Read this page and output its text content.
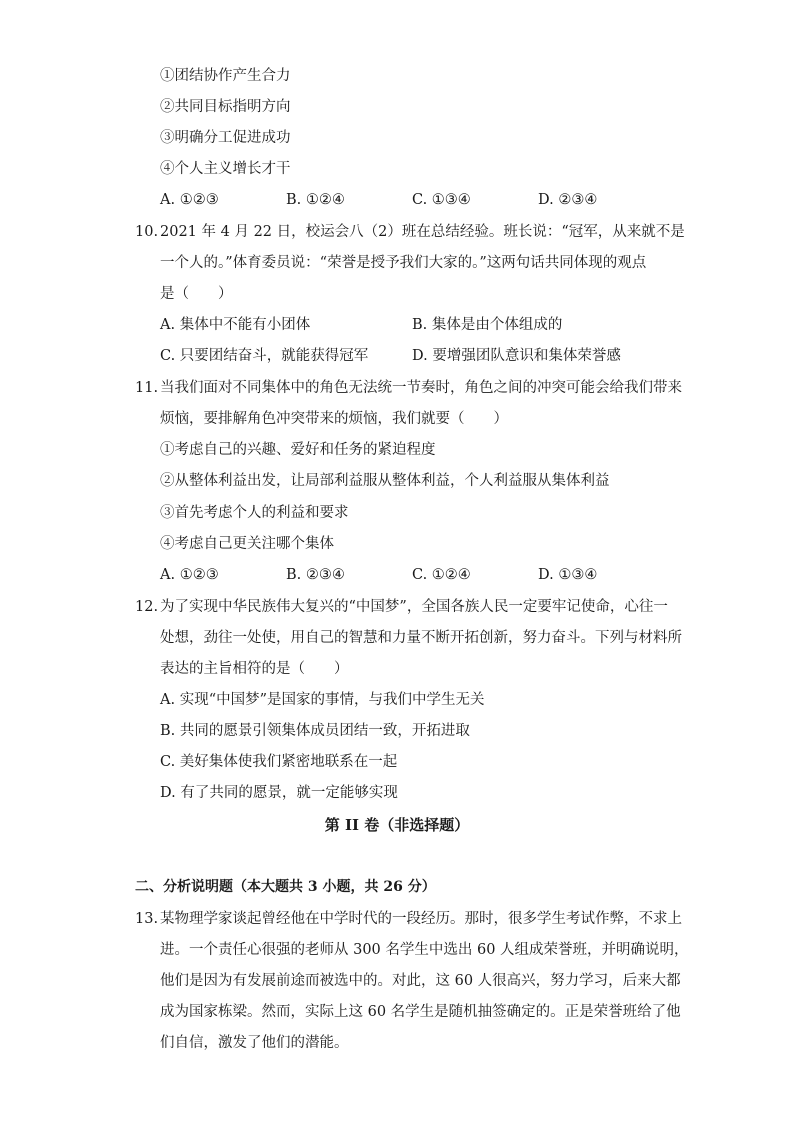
①团结协作产生合力
②共同目标指明方向
③明确分工促进成功
④个人主义增长才干
A. ①②③	B. ①②④	C. ①③④	D. ②③④
10. 2021 年 4 月 22 日，校运会八（2）班在总结经验。班长说：“冠军，从来就不是
一个人的。”体育委员说：“荣誉是授予我们大家的。”这两句话共同体现的观点
是（　　）
A. 集体中不能有小团体	B. 集体是由个体组成的
C. 只要团结奋斗，就能获得冠军	D. 要增强团队意识和集体荣誉感
11. 当我们面对不同集体中的角色无法统一节奏时，角色之间的冲突可能会给我们带来
烦恼，要排解角色冲突带来的烦恼，我们就要（　　）
①考虑自己的兴趣、爱好和任务的紧迫程度
②从整体利益出发，让局部利益服从整体利益，个人利益服从集体利益
③首先考虑个人的利益和要求
④考虑自己更关注哪个集体
A. ①②③	B. ②③④	C. ①②④	D. ①③④
12. 为了实现中华民族伟大复兴的“中国梦”，全国各族人民一定要牢记使命，心往一
处想，劲往一处使，用自己的智慧和力量不断开拓创新，努力奋斗。下列与材料所
表达的主旨相符的是（　　）
A. 实现“中国梦”是国家的事情，与我们中学生无关
B. 共同的愿景引领集体成员团结一致，开拓进取
C. 美好集体使我们紧密地联系在一起
D. 有了共同的愿景，就一定能够实现
第 II 卷（非选择题）
二、分析说明题（本大题共 3 小题，共 26 分）
13. 某物理学家谈起曾经他在中学时代的一段经历。那时，很多学生考试作弊，不求上
进。一个责任心很强的老师从 300 名学生中选出 60 人组成荣誉班，并明确说明，
他们是因为有发展前途而被选中的。对此，这 60 人很高兴，努力学习，后来大都
成为国家栋梁。然而，实际上这 60 名学生是随机抽签确定的。正是荣誉班给了他
们自信，激发了他们的潜能。
